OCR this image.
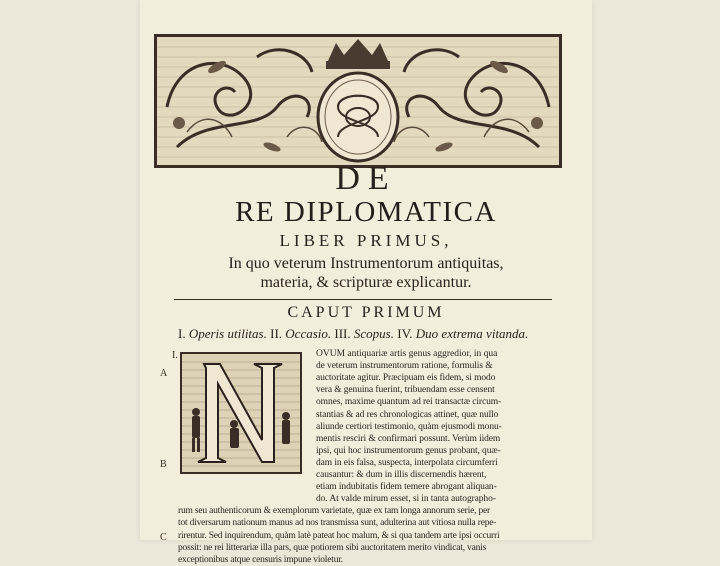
DE
RE DIPLOMATICA
LIBER PRIMUS,
In quo veterum Instrumentorum antiquitas,
materia, & scripturæ explicantur.
CAPUT PRIMUM
I. Operis utilitas. II. Occasio. III. Scopus. IV. Duo extrema vitanda.
I.
A
B
C
OVUM antiquariæ artis genus aggredior, in qua
de veterum instrumentorum ratione, formulis &
auctoritate agitur. Præcipuam eis fidem, si modo
vera & genuina fuerint, tribuendam esse censent
omnes, maxime quantum ad rei transactæ circum-
stantias & ad res chronologicas attinet, quæ nullo
aliunde certiori testimonio, quàm ejusmodi monu-
mentis resciri & confirmari possunt. Verùm iidem
ipsi, qui hoc instrumentorum genus probant, quæ-
dam in eis falsa, suspecta, interpolata circumferri
causantur: & dum in illis discernendis hærent,
etiam indubitatis fidem temere abrogant aliquan-
do. At valde mirum esset, si in tanta autographo-
rum seu authenticorum & exemplorum varietate, quæ ex tam longa annorum serie, per
tot diversarum nationum manus ad nos transmissa sunt, adulterina aut vitiosa nulla repe-
rirentur. Sed inquirendum, quàm latè pateat hoc malum, & si qua tandem arte ipsi occurri
possit: ne rei litterariæ illa pars, quæ potiorem sibi auctoritatem merito vindicat, vanis
exceptionibus atque censuris impune violetur.
